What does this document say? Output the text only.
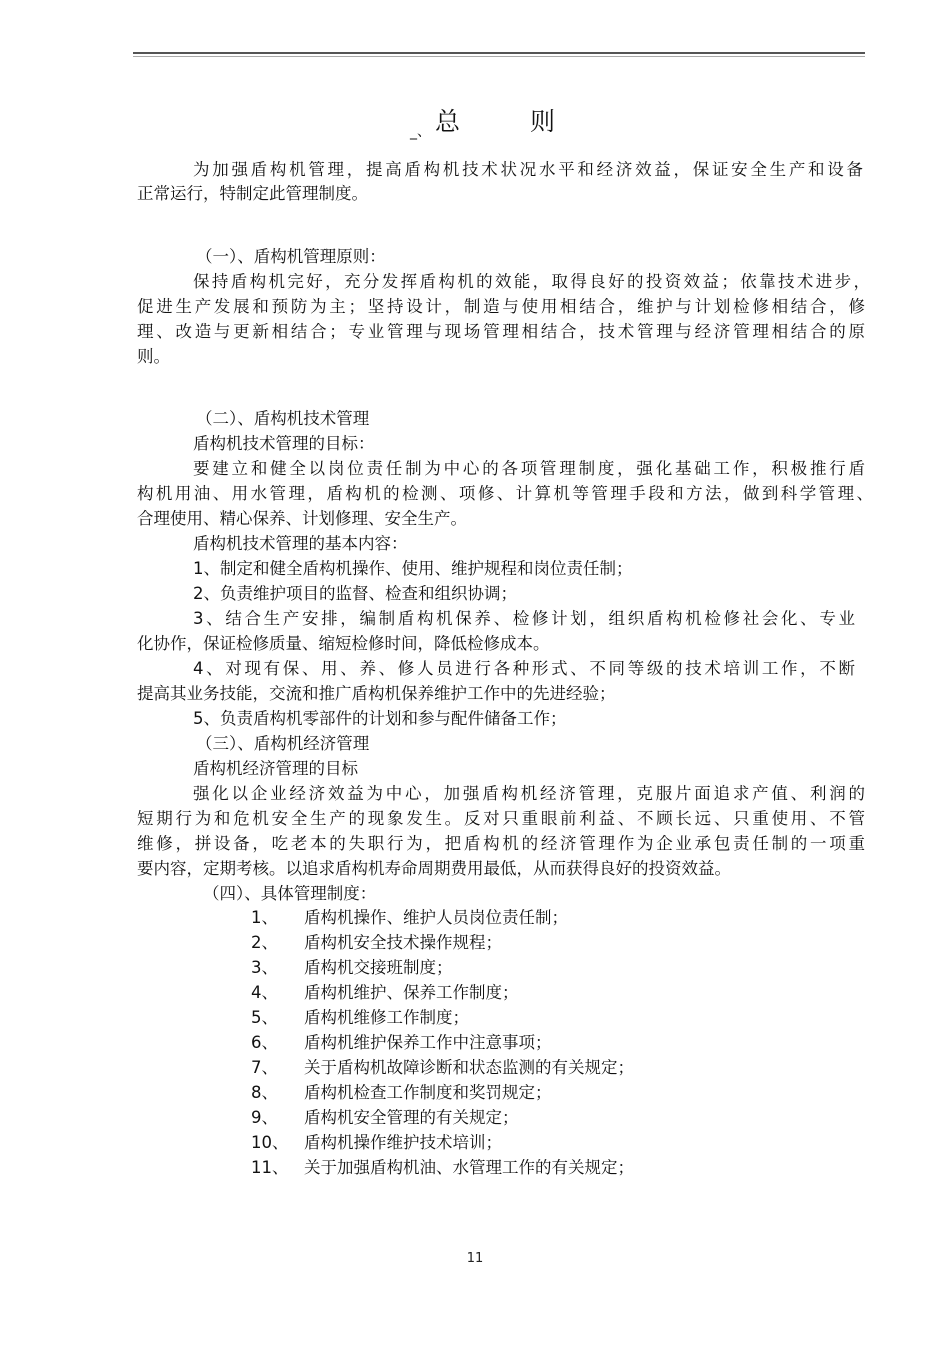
$_{\_、}$ 总	则
为加强盾构机管理，提高盾构机技术状况水平和经济效益，保证安全生产和设备
正常运行，特制定此管理制度。
（一）、盾构机管理原则：
保持盾构机完好，充分发挥盾构机的效能，取得良好的投资效益；依靠技术进步，
促进生产发展和预防为主；坚持设计，制造与使用相结合，维护与计划检修相结合，修
理、改造与更新相结合；专业管理与现场管理相结合，技术管理与经济管理相结合的原
则。
（二）、盾构机技术管理
盾构机技术管理的目标：
要建立和健全以岗位责任制为中心的各项管理制度，强化基础工作，积极推行盾
构机用油、用水管理，盾构机的检测、项修、计算机等管理手段和方法，做到科学管理、
合理使用、精心保养、计划修理、安全生产。
盾构机技术管理的基本内容：
1、制定和健全盾构机操作、使用、维护规程和岗位责任制；
2、负责维护项目的监督、检查和组织协调；
3、结合生产安排，编制盾构机保养、检修计划，组织盾构机检修社会化、专业
化协作，保证检修质量、缩短检修时间，降低检修成本。
4、对现有保、用、养、修人员进行各种形式、不同等级的技术培训工作，不断
提高其业务技能，交流和推广盾构机保养维护工作中的先进经验；
5、负责盾构机零部件的计划和参与配件储备工作；
（三）、盾构机经济管理
盾构机经济管理的目标
强化以企业经济效益为中心，加强盾构机经济管理，克服片面追求产值、利润的
短期行为和危机安全生产的现象发生。反对只重眼前利益、不顾长远、只重使用、不管
维修，拼设备，吃老本的失职行为，把盾构机的经济管理作为企业承包责任制的一项重
要内容，定期考核。以追求盾构机寿命周期费用最低，从而获得良好的投资效益。
（四）、具体管理制度：
1、 盾构机操作、维护人员岗位责任制；
2、 盾构机安全技术操作规程；
3、 盾构机交接班制度；
4、 盾构机维护、保养工作制度；
5、 盾构机维修工作制度；
6、 盾构机维护保养工作中注意事项；
7、 关于盾构机故障诊断和状态监测的有关规定；
8、 盾构机检查工作制度和奖罚规定；
9、 盾构机安全管理的有关规定；
10、 盾构机操作维护技术培训；
11、 关于加强盾构机油、水管理工作的有关规定；
11
